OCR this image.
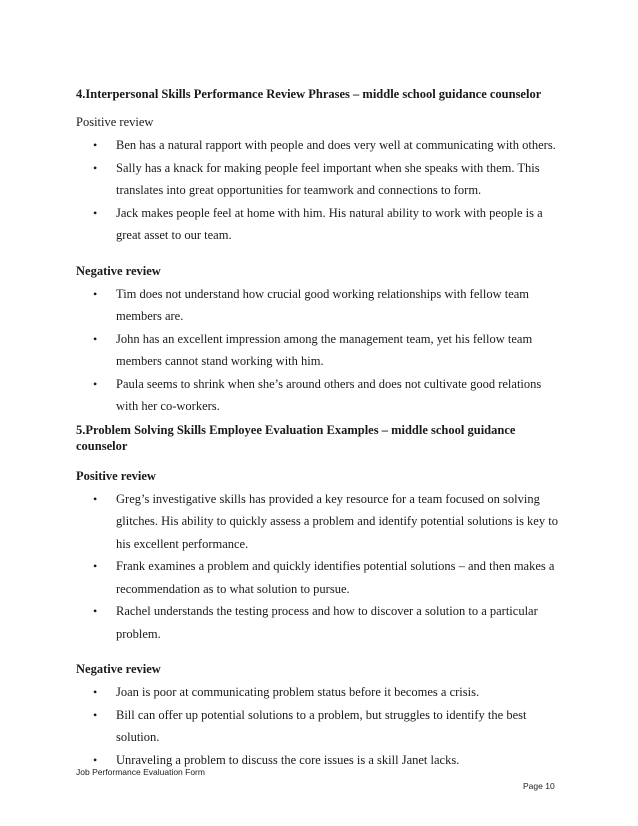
4.Interpersonal Skills Performance Review Phrases – middle school guidance counselor
Positive review
• Ben has a natural rapport with people and does very well at communicating with others.
• Sally has a knack for making people feel important when she speaks with them. This
translates into great opportunities for teamwork and connections to form.
• Jack makes people feel at home with him. His natural ability to work with people is a
great asset to our team.
Negative review
• Tim does not understand how crucial good working relationships with fellow team
members are.
• John has an excellent impression among the management team, yet his fellow team
members cannot stand working with him.
• Paula seems to shrink when she’s around others and does not cultivate good relations
with her co-workers.
5.Problem Solving Skills Employee Evaluation Examples – middle school guidance
counselor
Positive review
• Greg’s investigative skills has provided a key resource for a team focused on solving
glitches. His ability to quickly assess a problem and identify potential solutions is key to
his excellent performance.
• Frank examines a problem and quickly identifies potential solutions – and then makes a
recommendation as to what solution to pursue.
• Rachel understands the testing process and how to discover a solution to a particular
problem.
Negative review
• Joan is poor at communicating problem status before it becomes a crisis.
• Bill can offer up potential solutions to a problem, but struggles to identify the best
solution.
• Unraveling a problem to discuss the core issues is a skill Janet lacks.
Job Performance Evaluation Form
Page 10
